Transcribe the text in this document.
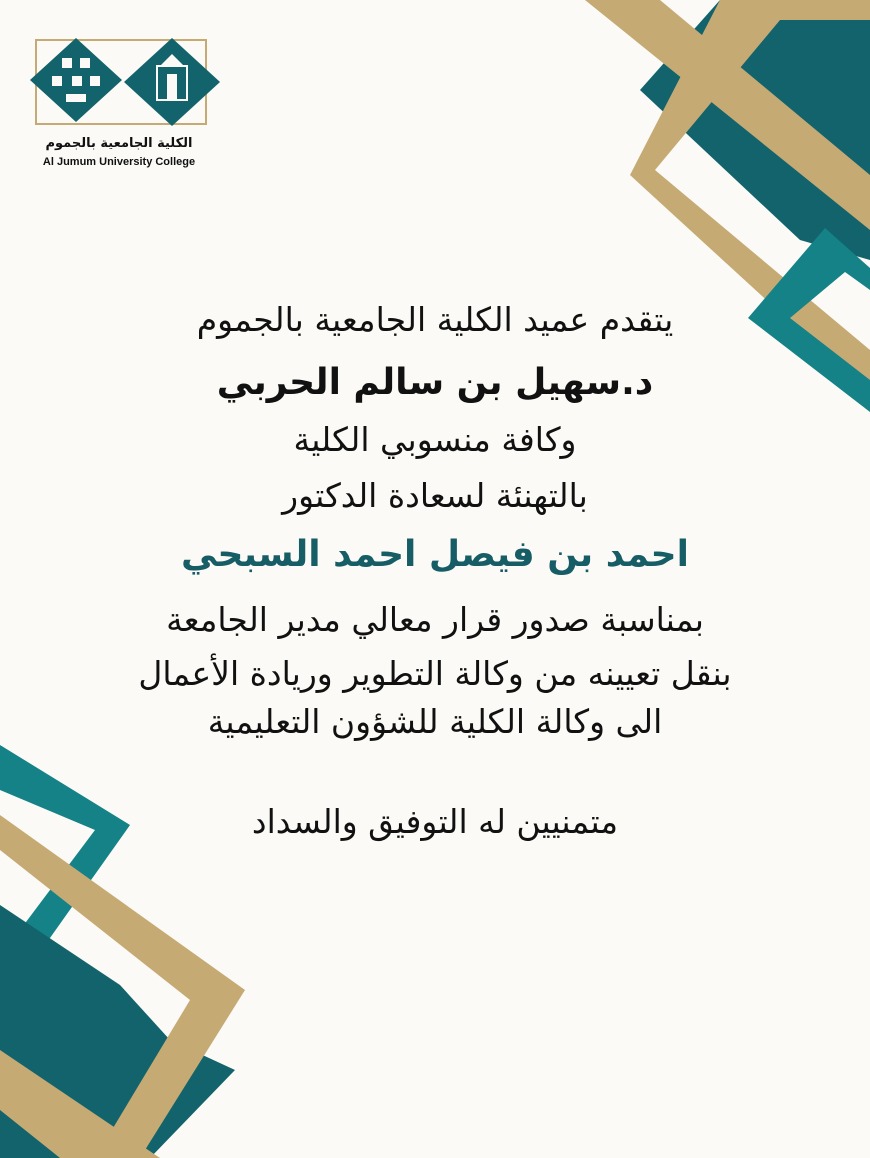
الكلية الجامعية بالجموم
Al Jumum University College
يتقدم عميد الكلية الجامعية بالجموم
د.سهيل بن سالم الحربي
وكافة منسوبي الكلية
بالتهنئة لسعادة الدكتور
احمد بن فيصل احمد السبحي
بمناسبة صدور قرار معالي مدير الجامعة
بنقل تعيينه من وكالة التطوير وريادة الأعمال
الى وكالة الكلية للشؤون التعليمية
متمنيين له التوفيق والسداد
